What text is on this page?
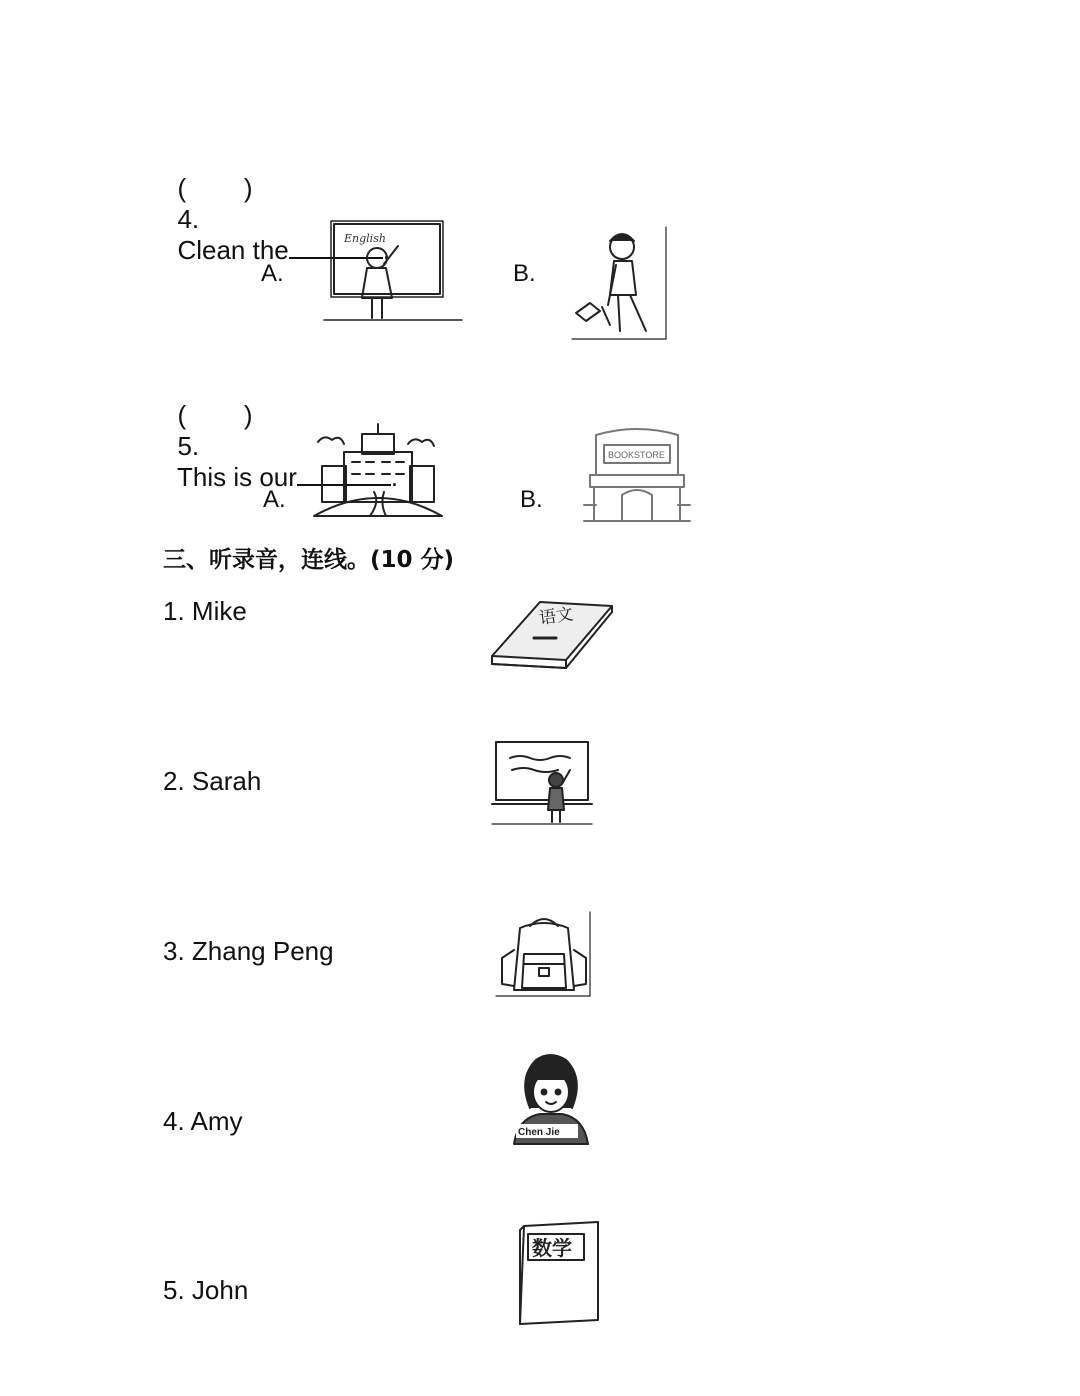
(        )
4.
Clean the	.

A.
English
B.

(        )
5.
This is our	.

A.	B.
BOOKSTORE
三、听录音，连线。(10 分)
1. Mike
2. Sarah
3. Zhang Peng
4. Amy
5. John
语文
Chen Jie
数学
